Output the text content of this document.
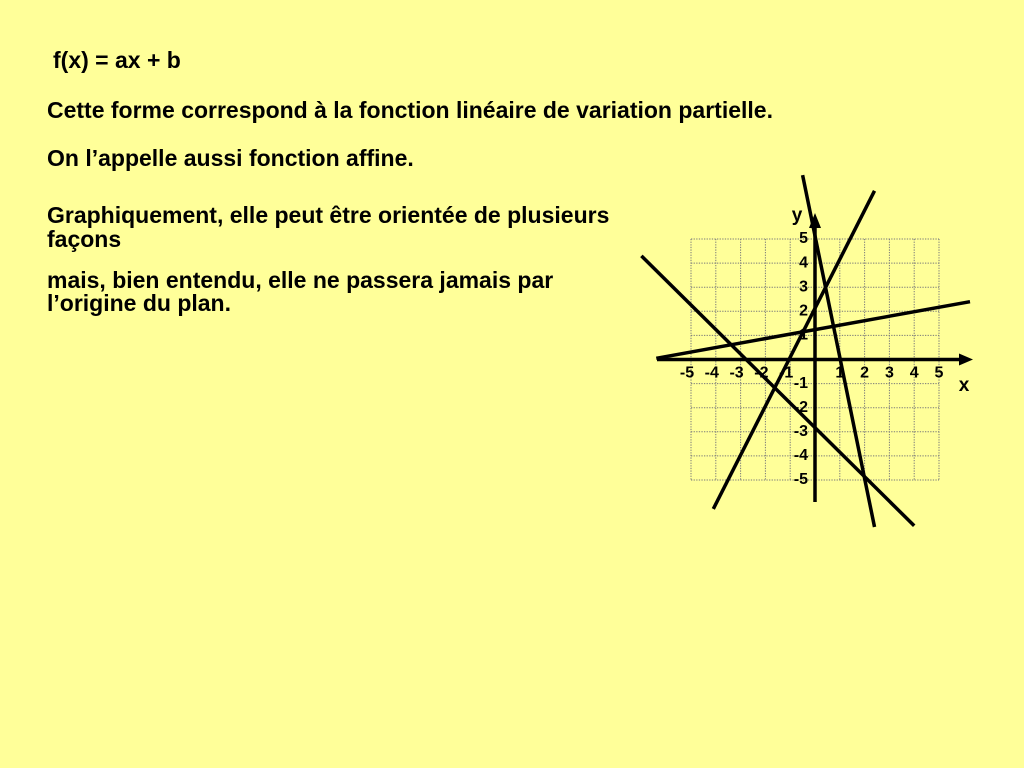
f(x) = ax + b

Cette forme correspond à la fonction linéaire de variation partielle.

On l’appelle aussi fonction affine.

Graphiquement, elle peut être orientée de plusieurs
façons
mais, bien entendu, elle ne passera jamais par
l’origine du plan.
-5 -4 -3 -2 -1	1 2 3 4 5
5
4
3
2
1
-1
-2
-3
-4
-5
x
y
